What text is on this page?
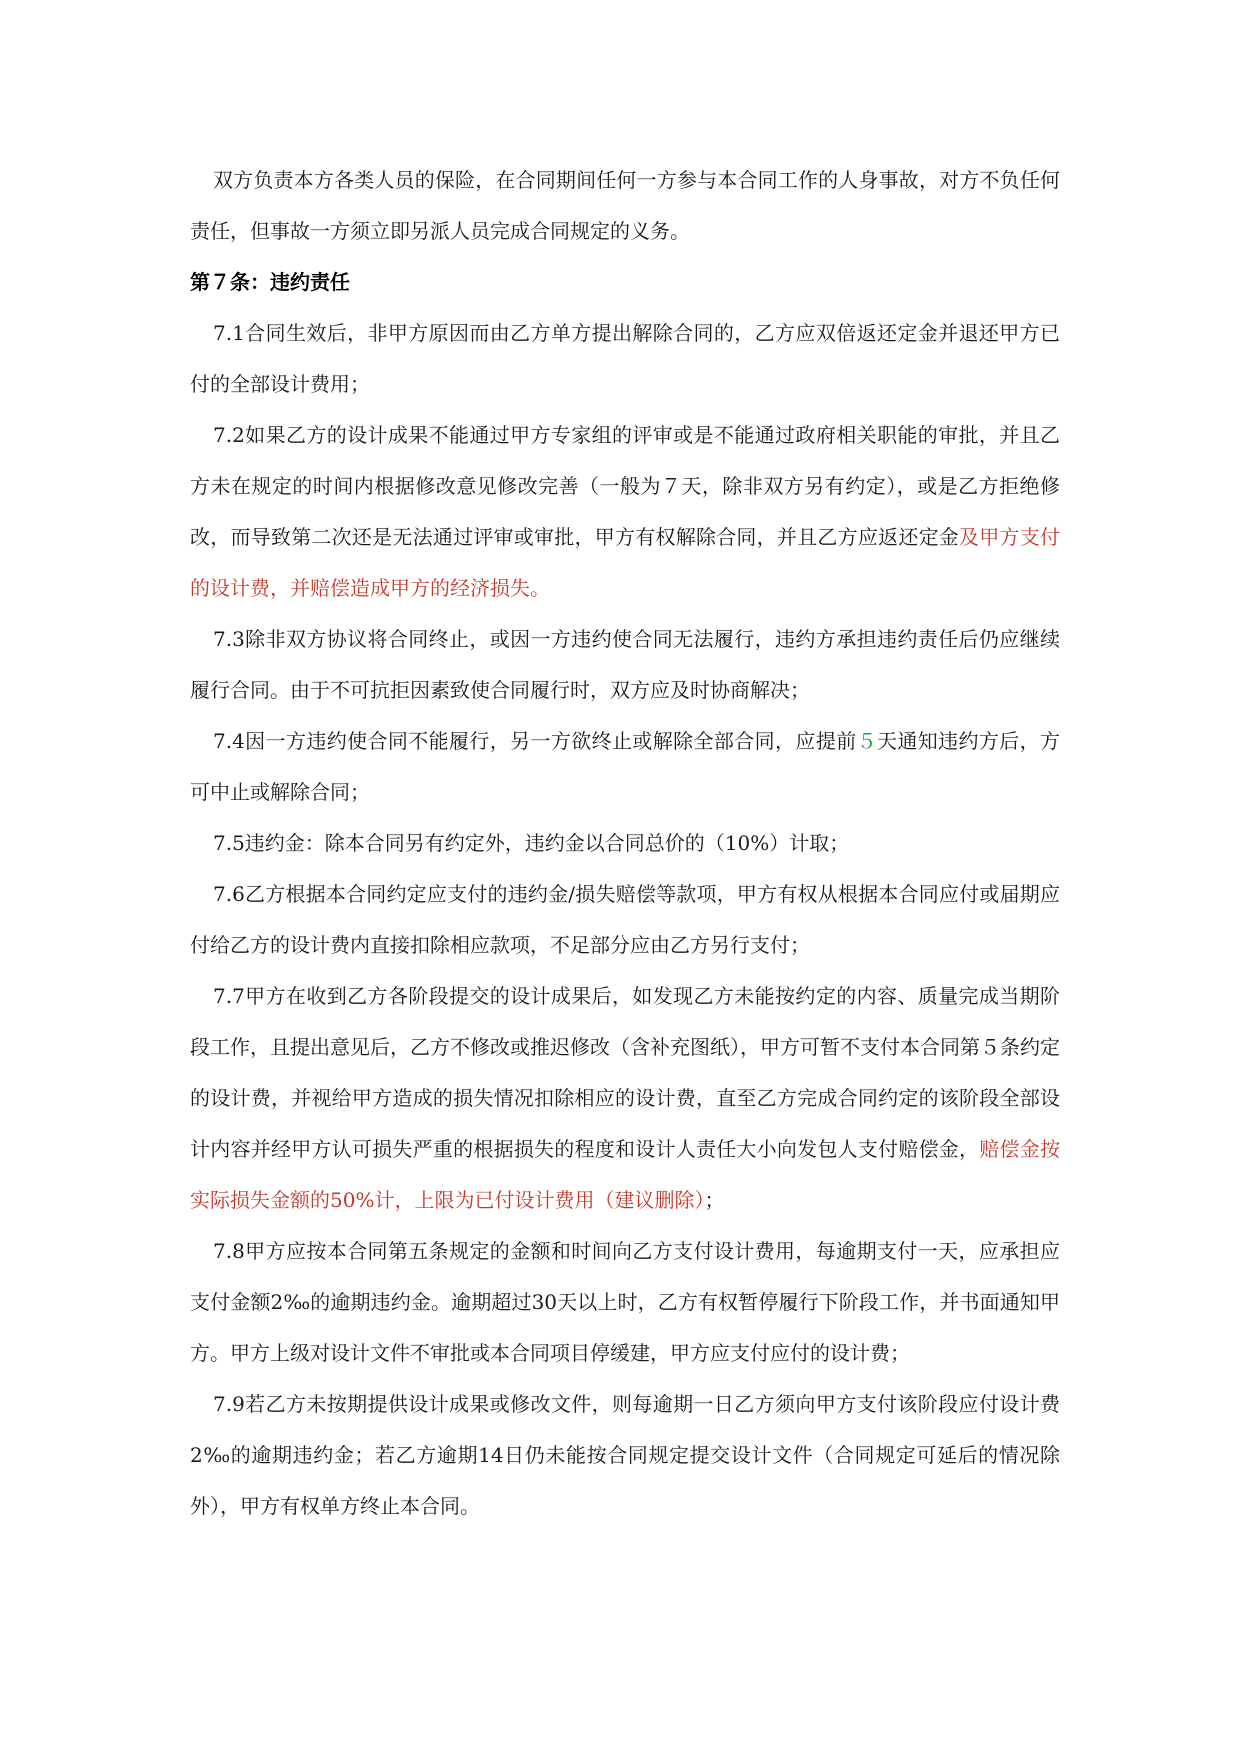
双方负责本方各类人员的保险，在合同期间任何一方参与本合同工作的人身事故，对方不负任何责任，但事故一方须立即另派人员完成合同规定的义务。

第７条：违约责任

7.1合同生效后，非甲方原因而由乙方单方提出解除合同的，乙方应双倍返还定金并退还甲方已付的全部设计费用；

7.2如果乙方的设计成果不能通过甲方专家组的评审或是不能通过政府相关职能的审批，并且乙方未在规定的时间内根据修改意见修改完善（一般为７天，除非双方另有约定），或是乙方拒绝修改，而导致第二次还是无法通过评审或审批，甲方有权解除合同，并且乙方应返还定金及甲方支付的设计费，并赔偿造成甲方的经济损失。

7.3除非双方协议将合同终止，或因一方违约使合同无法履行，违约方承担违约责任后仍应继续履行合同。由于不可抗拒因素致使合同履行时，双方应及时协商解决；

7.4因一方违约使合同不能履行，另一方欲终止或解除全部合同，应提前５天通知违约方后，方可中止或解除合同；

7.5违约金：除本合同另有约定外，违约金以合同总价的（10%）计取；

7.6乙方根据本合同约定应支付的违约金/损失赔偿等款项，甲方有权从根据本合同应付或届期应付给乙方的设计费内直接扣除相应款项，不足部分应由乙方另行支付；

7.7甲方在收到乙方各阶段提交的设计成果后，如发现乙方未能按约定的内容、质量完成当期阶段工作，且提出意见后，乙方不修改或推迟修改（含补充图纸），甲方可暂不支付本合同第５条约定的设计费，并视给甲方造成的损失情况扣除相应的设计费，直至乙方完成合同约定的该阶段全部设计内容并经甲方认可损失严重的根据损失的程度和设计人责任大小向发包人支付赔偿金，赔偿金按实际损失金额的50%计，上限为已付设计费用（建议删除）；

7.8甲方应按本合同第五条规定的金额和时间向乙方支付设计费用，每逾期支付一天，应承担应支付金额2‰的逾期违约金。逾期超过30天以上时，乙方有权暂停履行下阶段工作，并书面通知甲方。甲方上级对设计文件不审批或本合同项目停缓建，甲方应支付应付的设计费；

7.9若乙方未按期提供设计成果或修改文件，则每逾期一日乙方须向甲方支付该阶段应付设计费2‰的逾期违约金；若乙方逾期14日仍未能按合同规定提交设计文件（合同规定可延后的情况除外），甲方有权单方终止本合同。
